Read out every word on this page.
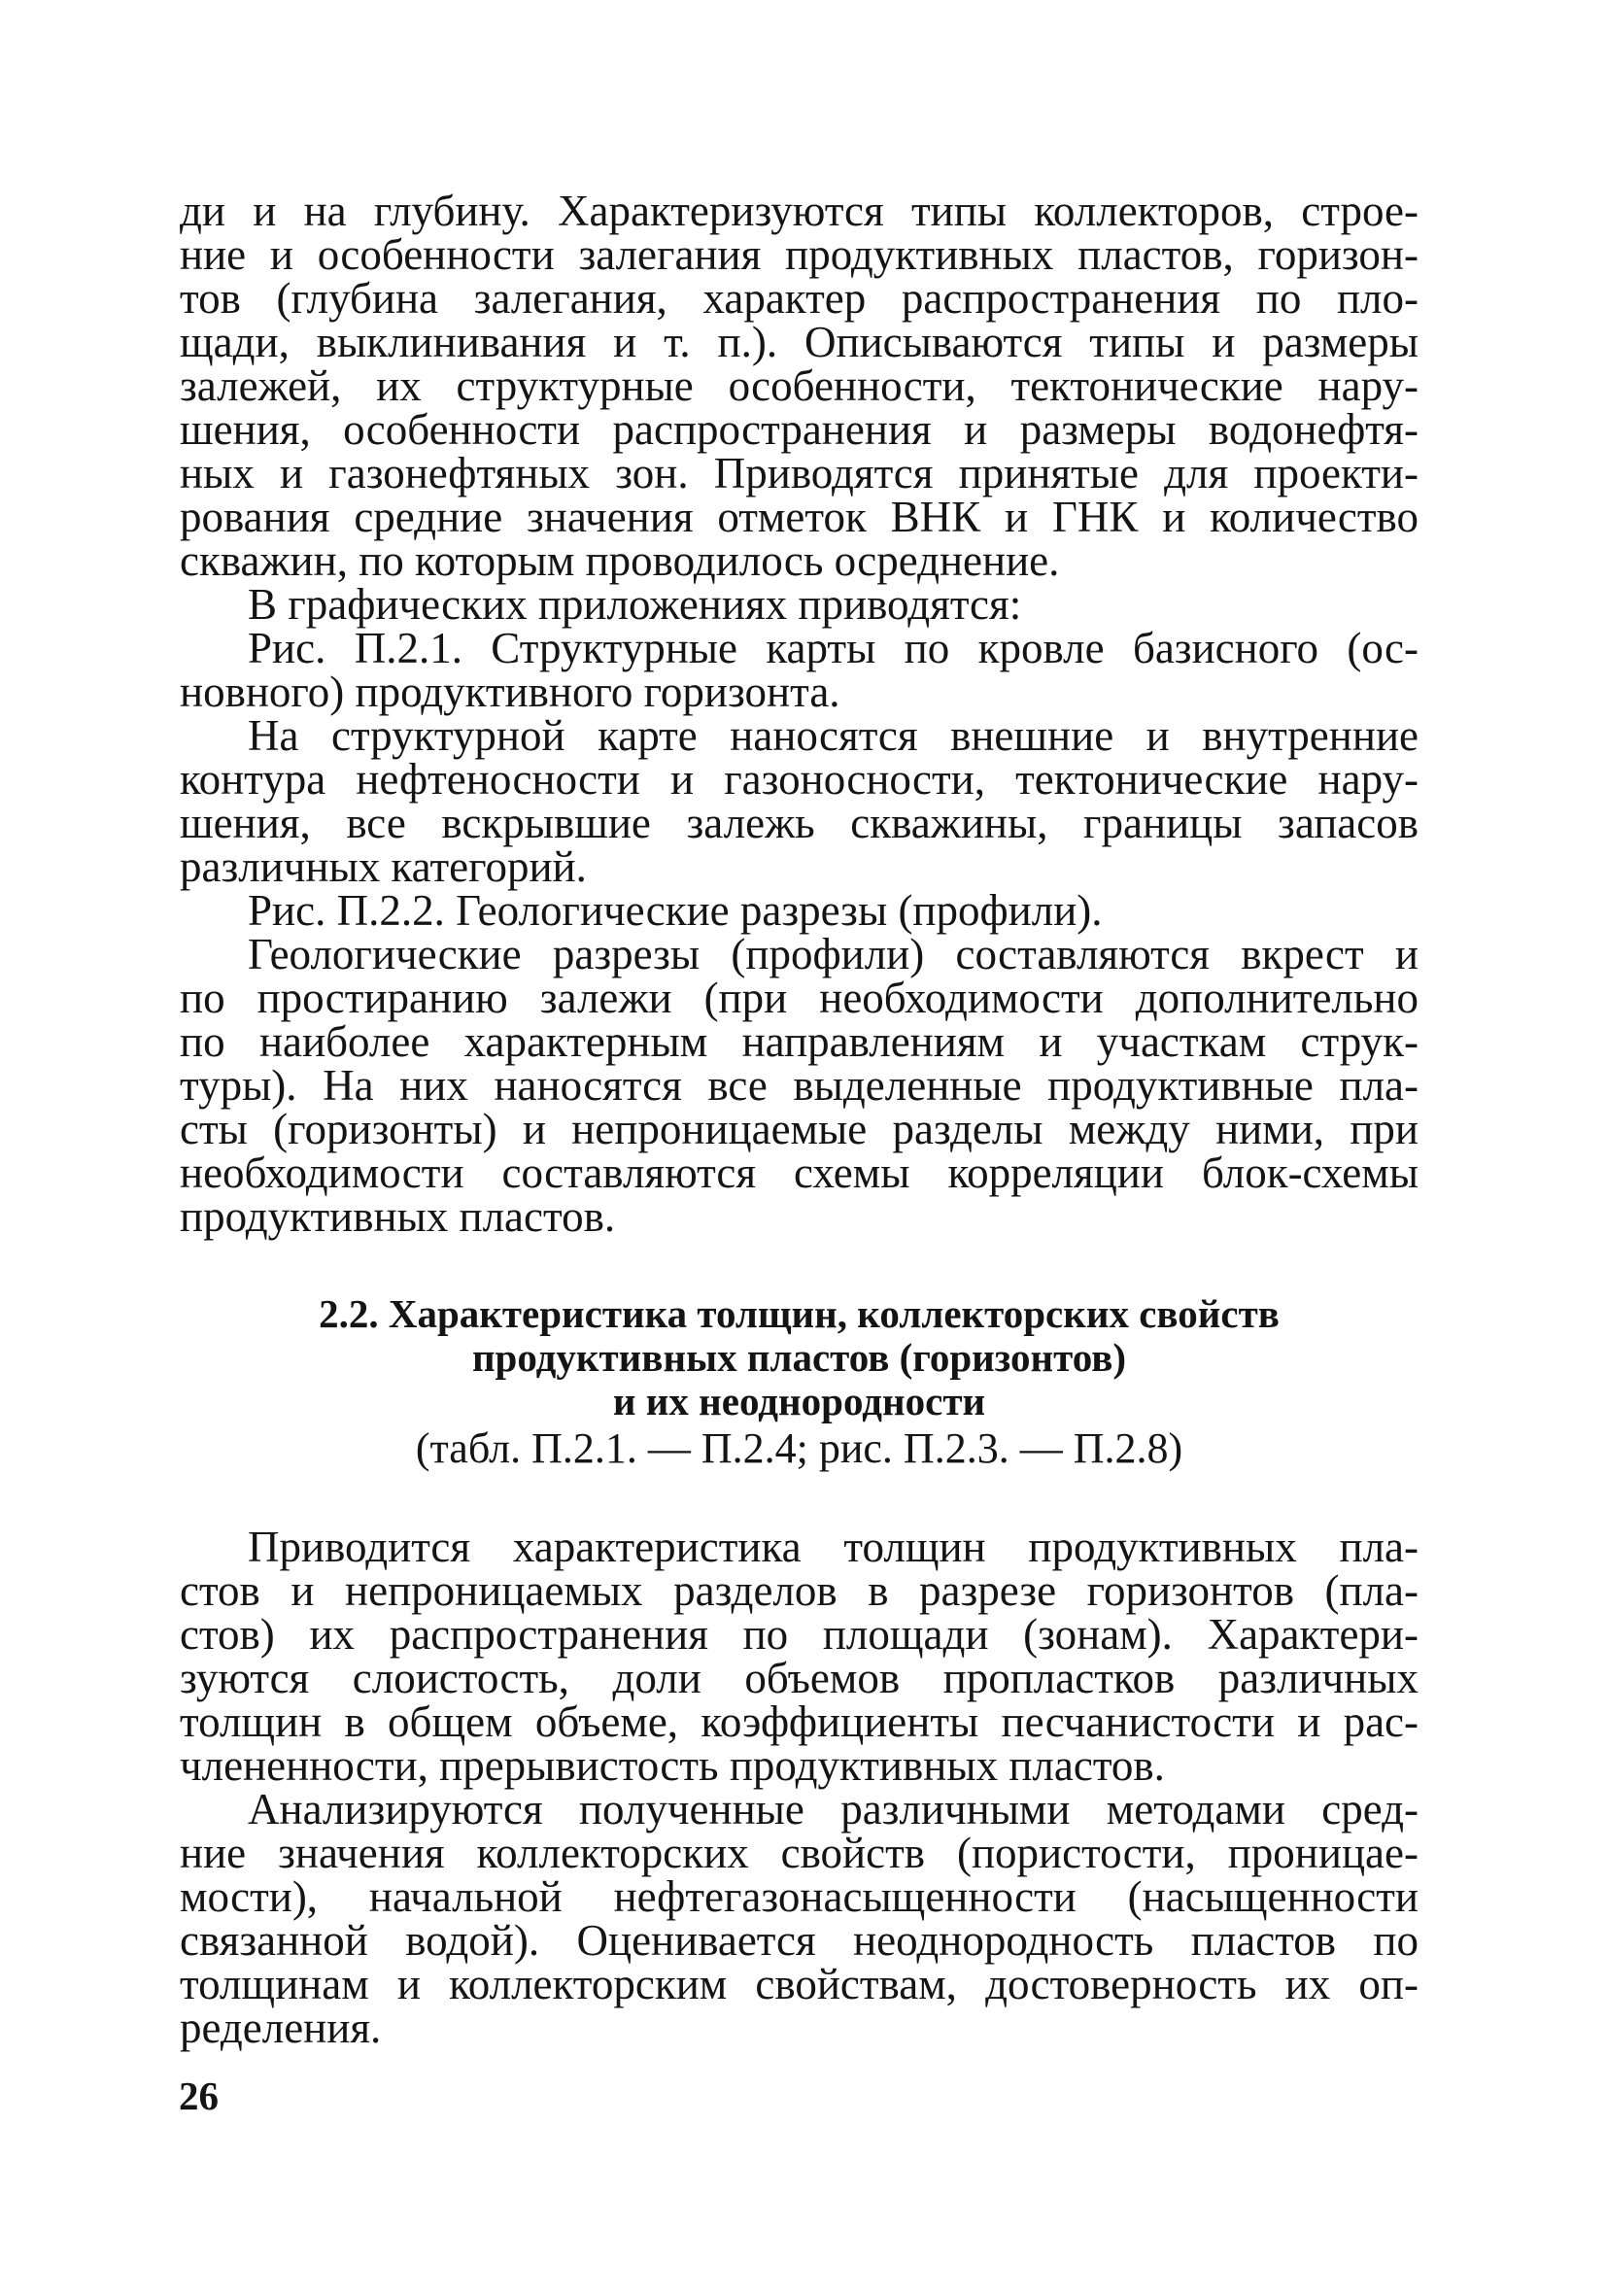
ди и на глубину. Характеризуются типы коллекторов, строе-
ние и особенности залегания продуктивных пластов, горизон-
тов (глубина залегания, характер распространения по пло-
щади, выклинивания и т. п.). Описываются типы и размеры
залежей, их структурные особенности, тектонические нару-
шения, особенности распространения и размеры водонефтя-
ных и газонефтяных зон. Приводятся принятые для проекти-
рования средние значения отметок ВНК и ГНК и количество
скважин, по которым проводилось осреднение.
В графических приложениях приводятся:
Рис. П.2.1. Структурные карты по кровле базисного (ос-
новного) продуктивного горизонта.
На структурной карте наносятся внешние и внутренние
контура нефтеносности и газоносности, тектонические нару-
шения, все вскрывшие залежь скважины, границы запасов
различных категорий.
Рис. П.2.2. Геологические разрезы (профили).
Геологические разрезы (профили) составляются вкрест и
по простиранию залежи (при необходимости дополнительно
по наиболее характерным направлениям и участкам струк-
туры). На них наносятся все выделенные продуктивные пла-
сты (горизонты) и непроницаемые разделы между ними, при
необходимости составляются схемы корреляции блок-схемы
продуктивных пластов.
2.2. Характеристика толщин, коллекторских свойств
продуктивных пластов (горизонтов)
и их неоднородности
(табл. П.2.1. — П.2.4; рис. П.2.3. — П.2.8)
Приводится характеристика толщин продуктивных пла-
стов и непроницаемых разделов в разрезе горизонтов (пла-
стов) их распространения по площади (зонам). Характери-
зуются слоистость, доли объемов пропластков различных
толщин в общем объеме, коэффициенты песчанистости и рас-
члененности, прерывистость продуктивных пластов.
Анализируются полученные различными методами сред-
ние значения коллекторских свойств (пористости, проницае-
мости), начальной нефтегазонасыщенности (насыщенности
связанной водой). Оценивается неоднородность пластов по
толщинам и коллекторским свойствам, достоверность их оп-
ределения.
26
